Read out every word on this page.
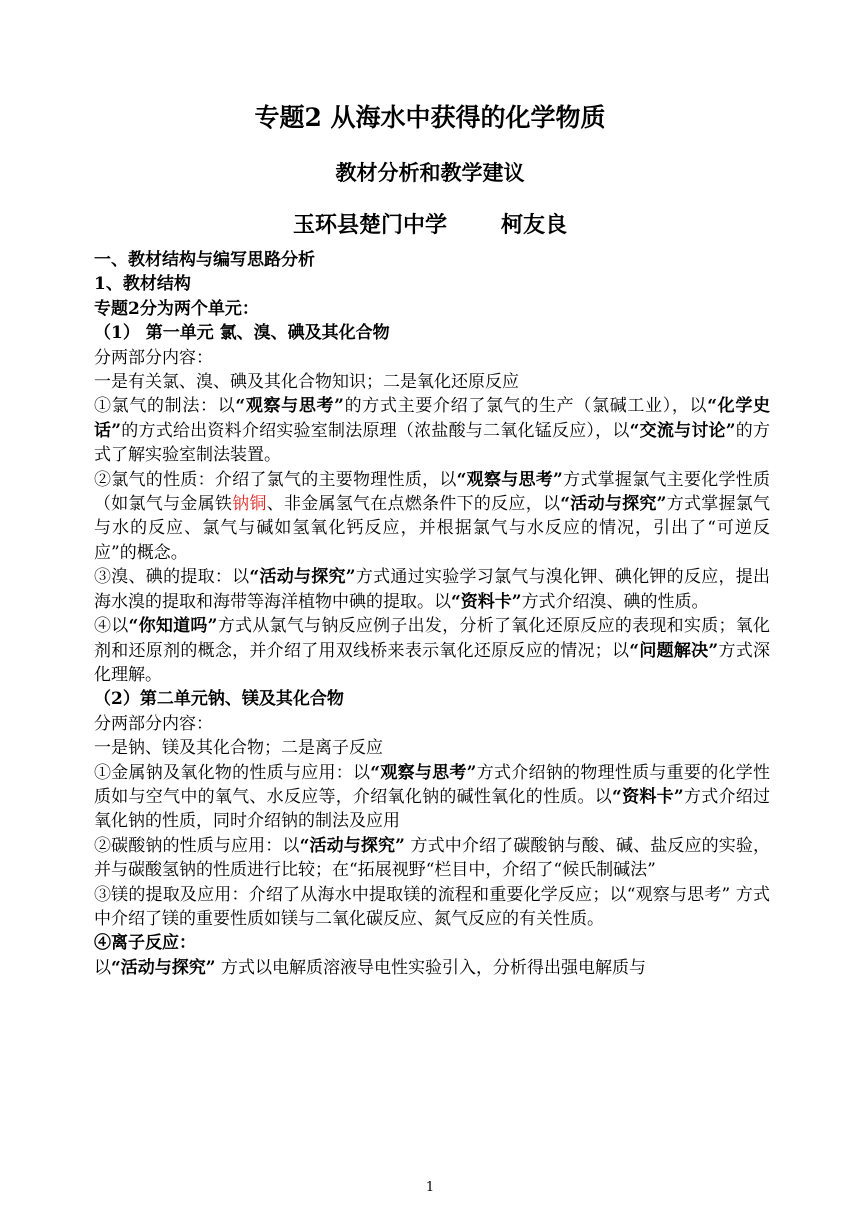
专题2 从海水中获得的化学物质
教材分析和教学建议
玉环县楚门中学 柯友良

一、教材结构与编写思路分析

1、教材结构

专题2分为两个单元：

（1） 第一单元 氯、溴、碘及其化合物

分两部分内容：

一是有关氯、溴、碘及其化合物知识；二是氧化还原反应

①氯气的制法：以“观察与思考”的方式主要介绍了氯气的生产（氯碱工业），以“化学史话”的方式给出资料介绍实验室制法原理（浓盐酸与二氧化锰反应），以“交流与讨论”的方式了解实验室制法装置。

②氯气的性质：介绍了氯气的主要物理性质，以“观察与思考”方式掌握氯气主要化学性质（如氯气与金属铁钠铜、非金属氢气在点燃条件下的反应，以“活动与探究”方式掌握氯气与水的反应、氯气与碱如氢氧化钙反应，并根据氯气与水反应的情况，引出了“可逆反应”的概念。

③溴、碘的提取：以“活动与探究”方式通过实验学习氯气与溴化钾、碘化钾的反应，提出海水溴的提取和海带等海洋植物中碘的提取。以“资料卡”方式介绍溴、碘的性质。

④以“你知道吗”方式从氯气与钠反应例子出发，分析了氧化还原反应的表现和实质；氧化剂和还原剂的概念，并介绍了用双线桥来表示氧化还原反应的情况；以“问题解决”方式深化理解。

（2）第二单元钠、镁及其化合物

分两部分内容：

一是钠、镁及其化合物；二是离子反应

①金属钠及氧化物的性质与应用：以“观察与思考”方式介绍钠的物理性质与重要的化学性质如与空气中的氧气、水反应等，介绍氧化钠的碱性氧化的性质。以“资料卡”方式介绍过氧化钠的性质，同时介绍钠的制法及应用

②碳酸钠的性质与应用：以“活动与探究” 方式中介绍了碳酸钠与酸、碱、盐反应的实验，并与碳酸氢钠的性质进行比较；在“拓展视野“栏目中，介绍了“候氏制碱法”

③镁的提取及应用：介绍了从海水中提取镁的流程和重要化学反应；以“观察与思考” 方式中介绍了镁的重要性质如镁与二氧化碳反应、氮气反应的有关性质。

④离子反应：

以“活动与探究” 方式以电解质溶液导电性实验引入，分析得出强电解质与

1
